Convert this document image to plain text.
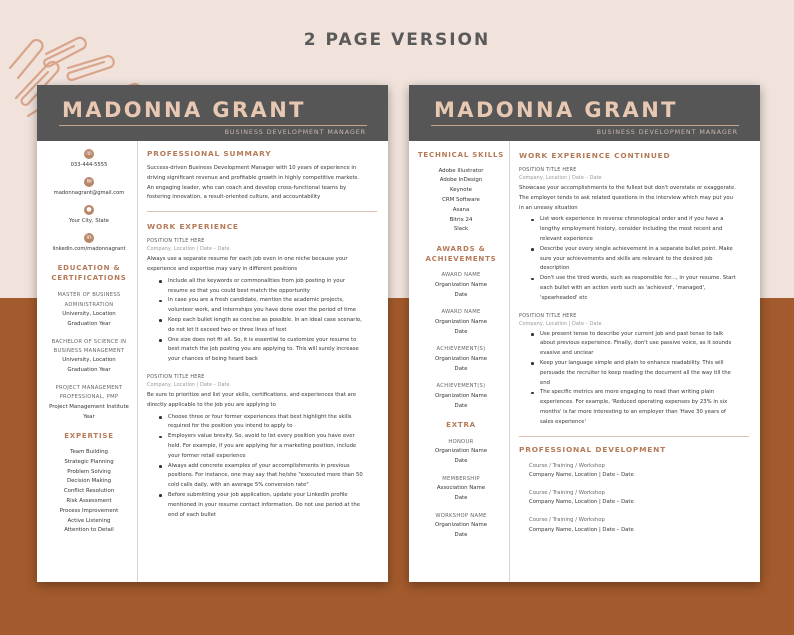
2 PAGE VERSION
MADONNA GRANT
BUSINESS DEVELOPMENT MANAGER
☏
033-444-5555
✉
madonnagrant@gmail.com
●
Your City, State
in
linkedin.com/madonnagrant
EDUCATION &
CERTIFICATIONS
MASTER OF BUSINESS
ADMINISTRATION
University, Location
Graduation Year
BACHELOR OF SCIENCE IN
BUSINESS MANAGEMENT
University, Location
Graduation Year
PROJECT MANAGEMENT
PROFESSIONAL, PMP
Project Management Institute
Year
EXPERTISE
Team Building
Strategic Planning
Problem Solving
Decision Making
Conflict Resolution
Risk Assessment
Process Improvement
Active Listening
Attention to Detail
PROFESSIONAL SUMMARY
Success-driven Business Development Manager with 10 years of experience in
driving significant revenue and profitable growth in highly competitive markets.
An engaging leader, who can coach and develop cross-functional teams by
fostering innovation, a result-oriented culture, and accountability
WORK EXPERIENCE
POSITION TITLE HERE
Company, Location | Date – Date
Always use a separate resume for each job even in one niche because your
experience and expertise may vary in different positions
Include all the keywords or commonalities from job posting in your
resume so that you could best match the opportunity
In case you are a fresh candidate, mention the academic projects,
volunteer work, and internships you have done over the period of time
Keep each bullet length as concise as possible. In an ideal case scenario,
do not let it exceed two or three lines of text
One size does not fit all. So, it is essential to customize your resume to
best match the job posting you are applying to. This will surely increase
your chances of being heard back
POSITION TITLE HERE
Company, Location | Date – Date
Be sure to prioritize and list your skills, certifications, and experiences that are
directly applicable to the job you are applying to
Choose three or four former experiences that best highlight the skills
required for the position you intend to apply to
Employers value brevity. So, avoid to list every position you have ever
held. For example, if you are applying for a marketing position, include
your former retail experience
Always add concrete examples of your accomplishments in previous
positions. For instance, one may say that he/she "executed more than 50
cold calls daily, with an average 5% conversion rate"
Before submitting your job application, update your LinkedIn profile
mentioned in your resume contact information. Do not use period at the
end of each bullet
MADONNA GRANT
BUSINESS DEVELOPMENT MANAGER
TECHNICAL SKILLS
Adobe Illustrator
Adobe InDesign
Keynote
CRM Software
Asana
Bitrix 24
Slack
AWARDS &
ACHIEVEMENTS
AWARD NAME
Organization Name
Date
AWARD NAME
Organization Name
Date
ACHIEVEMENT(S)
Organization Name
Date
ACHIEVEMENT(S)
Organization Name
Date
EXTRA
HONOUR
Organization Name
Date
MEMBERSHIP
Association Name
Date
WORKSHOP NAME
Organization Name
Date
WORK EXPERIENCE CONTINUED
POSITION TITLE HERE
Company, Location | Date – Date
Showcase your accomplishments to the fullest but don't overstate or exaggerate.
The employer tends to ask related questions in the interview which may put you
in an uneasy situation
List work experience in reverse chronological order and if you have a
lengthy employment history, consider including the most recent and
relevant experience
Describe your every single achievement in a separate bullet point. Make
sure your achievements and skills are relevant to the desired job
description
Don't use the tired words, such as responsible for..., in your resume. Start
each bullet with an action verb such as 'achieved', 'managed',
'spearheaded' etc
POSITION TITLE HERE
Company, Location | Date – Date
Use present tense to describe your current job and past tense to talk
about previous experience. Finally, don't use passive voice, as it sounds
evasive and unclear
Keep your language simple and plain to enhance readability. This will
persuade the recruiter to keep reading the document all the way till the
end
The specific metrics are more engaging to read than writing plain
experiences. For example, 'Reduced operating expenses by 23% in six
months' is far more interesting to an employer than 'Have 30 years of
sales experience'
PROFESSIONAL DEVELOPMENT
Course / Training / Workshop
Company Name, Location | Date – Date
Course / Training / Workshop
Company Name, Location | Date – Date
Course / Training / Workshop
Company Name, Location | Date – Date
